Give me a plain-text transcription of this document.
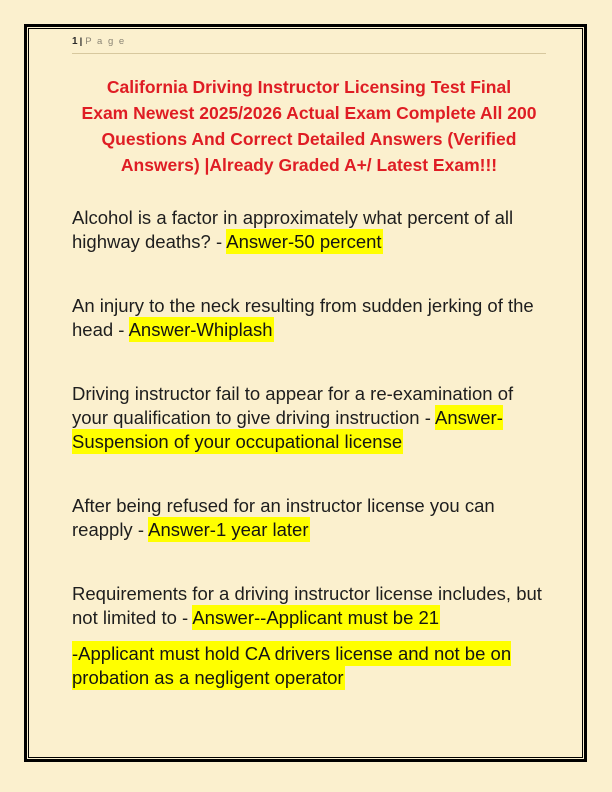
1 | P a g e
California Driving Instructor Licensing Test Final
Exam Newest 2025/2026 Actual Exam Complete All 200
Questions And Correct Detailed Answers (Verified
Answers) |Already Graded A+/ Latest Exam!!!

Alcohol is a factor in approximately what percent of all highway deaths? - Answer-50 percent

An injury to the neck resulting from sudden jerking of the head - Answer-Whiplash

Driving instructor fail to appear for a re-examination of your qualification to give driving instruction - Answer-Suspension of your occupational license

After being refused for an instructor license you can reapply - Answer-1 year later

Requirements for a driving instructor license includes, but not limited to - Answer--Applicant must be 21

-Applicant must hold CA drivers license and not be on probation as a negligent operator
